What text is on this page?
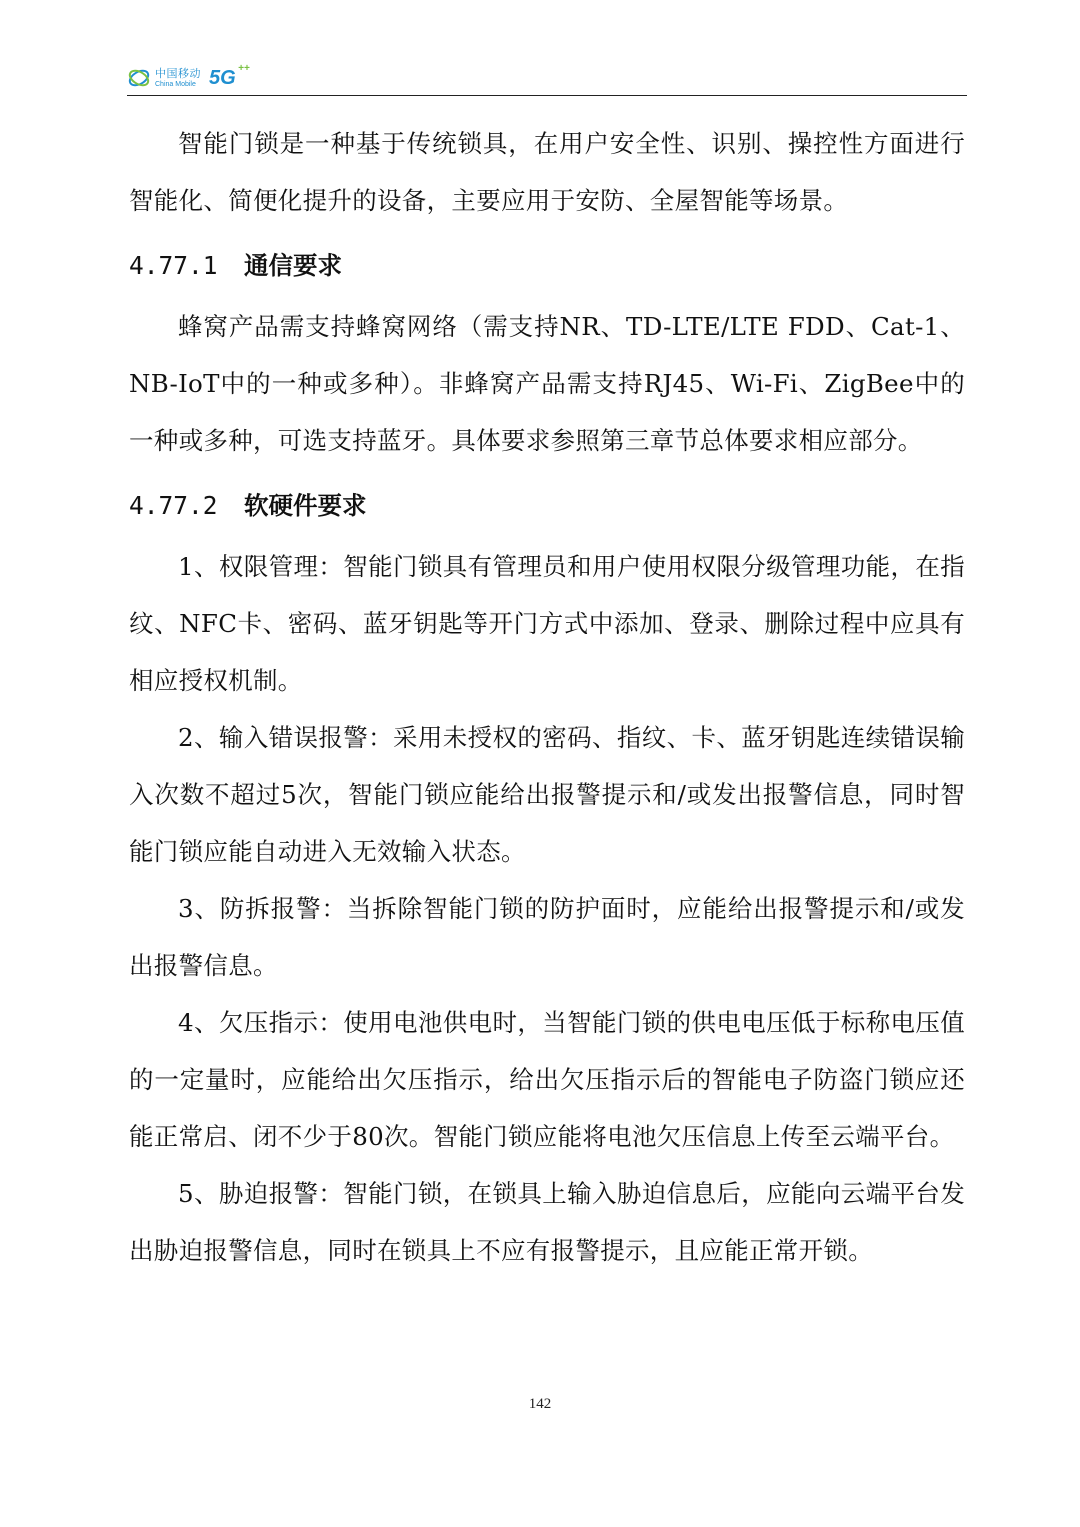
中国移动
China Mobile 5G ++

智能门锁是一种基于传统锁具，在用户安全性、识别、操控性方面进行智能化、简便化提升的设备，主要应用于安防、全屋智能等场景。

4.77.1	通信要求

蜂窝产品需支持蜂窝网络（需支持NR、TD-LTE/LTE FDD、Cat-1、NB-IoT中的一种或多种）。非蜂窝产品需支持RJ45、Wi-Fi、ZigBee中的一种或多种，可选支持蓝牙。具体要求参照第三章节总体要求相应部分。

4.77.2	软硬件要求

1、权限管理：智能门锁具有管理员和用户使用权限分级管理功能，在指纹、NFC卡、密码、蓝牙钥匙等开门方式中添加、登录、删除过程中应具有相应授权机制。

2、输入错误报警：采用未授权的密码、指纹、卡、蓝牙钥匙连续错误输入次数不超过5次，智能门锁应能给出报警提示和/或发出报警信息，同时智能门锁应能自动进入无效输入状态。

3、防拆报警：当拆除智能门锁的防护面时，应能给出报警提示和/或发出报警信息。

4、欠压指示：使用电池供电时，当智能门锁的供电电压低于标称电压值的一定量时，应能给出欠压指示，给出欠压指示后的智能电子防盗门锁应还能正常启、闭不少于80次。智能门锁应能将电池欠压信息上传至云端平台。

5、胁迫报警：智能门锁，在锁具上输入胁迫信息后，应能向云端平台发出胁迫报警信息，同时在锁具上不应有报警提示，且应能正常开锁。

142
